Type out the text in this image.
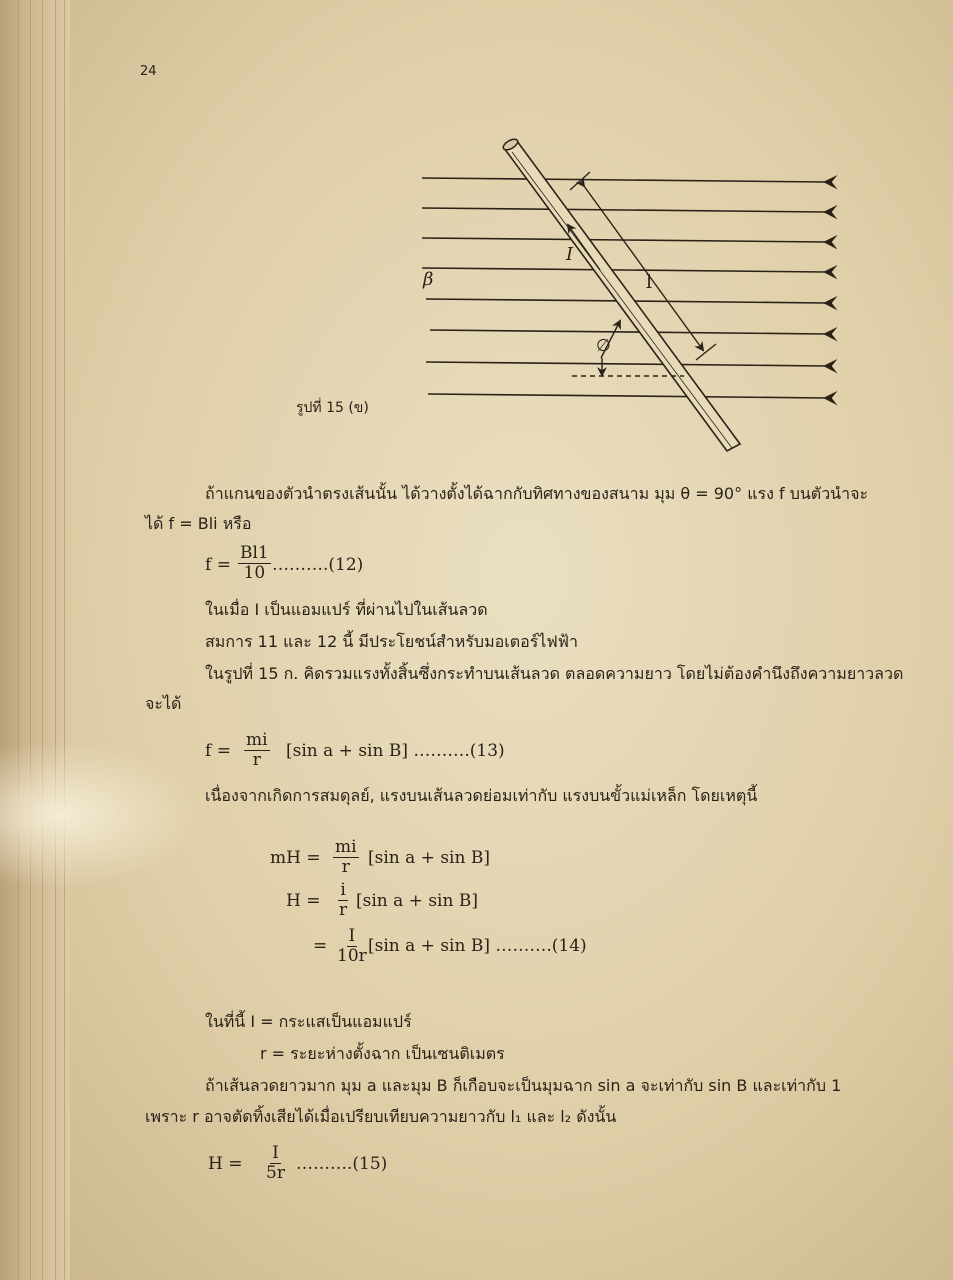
24
β
I
l
∅
รูปที่ 15 (ข)
ถ้าแกนของตัวนำตรงเส้นนั้น ได้วางตั้งได้ฉากกับทิศทางของสนาม มุม θ = 90° แรง f บนตัวนำจะ
ได้ f = Bli หรือ
$f = \frac{Bl1}{10}$ ……….(12)
ในเมื่อ I เป็นแอมแปร์ ที่ผ่านไปในเส้นลวด
สมการ 11 และ 12 นี้ มีประโยชน์สำหรับมอเตอร์ไฟฟ้า
ในรูปที่ 15 ก. คิดรวมแรงทั้งสิ้นซึ่งกระทำบนเส้นลวด ตลอดความยาว โดยไม่ต้องคำนึงถึงความยาวลวด
จะได้
$f = \frac{mi}{r} [\sin$ a + sin B] ……….(13)
เนื่องจากเกิดการสมดุลย์, แรงบนเส้นลวดย่อมเท่ากับ แรงบนขั้วแม่เหล็ก โดยเหตุนี้
mH = $\frac{mi}{r} [\sin$ a + sin B]
$H = \frac{i}{r} [\sin$ a + sin B]
= $\frac{I}{10r} [\sin$ a + sin B] ……….(14)
ในที่นี้ I = กระแสเป็นแอมแปร์
r = ระยะห่างตั้งฉาก เป็นเซนติเมตร
ถ้าเส้นลวดยาวมาก มุม a และมุม B ก็เกือบจะเป็นมุมฉาก sin a จะเท่ากับ sin B และเท่ากับ 1
เพราะ r อาจตัดทิ้งเสียได้เมื่อเปรียบเทียบความยาวกับ l₁ และ l₂ ดังนั้น
$H = \frac{I}{5r}$ ……….(15)
